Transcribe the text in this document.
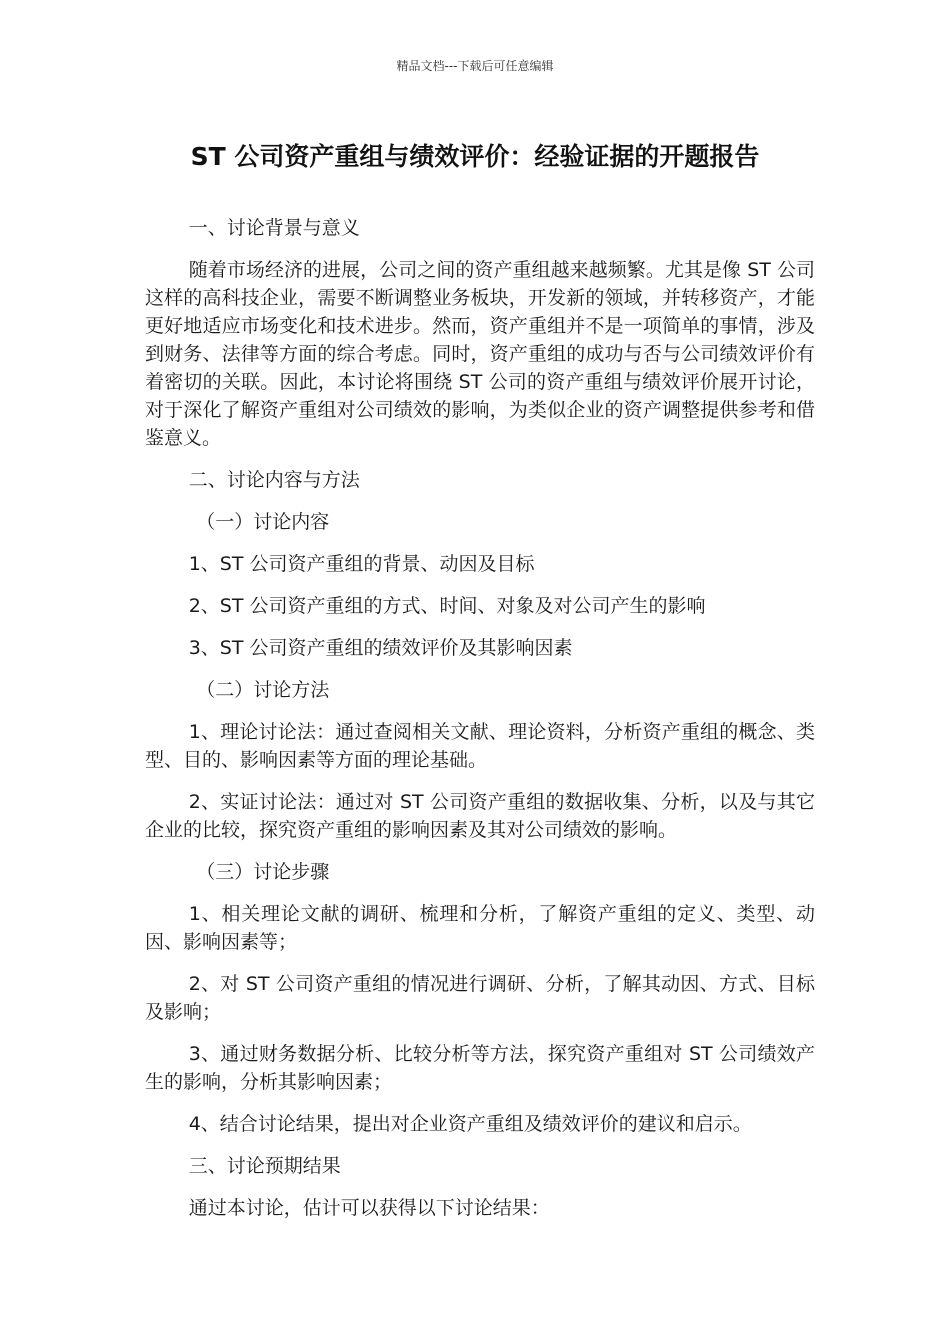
精品文档---下载后可任意编辑
ST 公司资产重组与绩效评价：经验证据的开题报告

一、讨论背景与意义

随着市场经济的进展，公司之间的资产重组越来越频繁。尤其是像 ST 公司这样的高科技企业，需要不断调整业务板块，开发新的领域，并转移资产，才能更好地适应市场变化和技术进步。然而，资产重组并不是一项简单的事情，涉及到财务、法律等方面的综合考虑。同时，资产重组的成功与否与公司绩效评价有着密切的关联。因此，本讨论将围绕 ST 公司的资产重组与绩效评价展开讨论，对于深化了解资产重组对公司绩效的影响，为类似企业的资产调整提供参考和借鉴意义。

二、讨论内容与方法

（一）讨论内容

1、ST 公司资产重组的背景、动因及目标

2、ST 公司资产重组的方式、时间、对象及对公司产生的影响

3、ST 公司资产重组的绩效评价及其影响因素

（二）讨论方法

1、理论讨论法：通过查阅相关文献、理论资料，分析资产重组的概念、类型、目的、影响因素等方面的理论基础。

2、实证讨论法：通过对 ST 公司资产重组的数据收集、分析，以及与其它企业的比较，探究资产重组的影响因素及其对公司绩效的影响。

（三）讨论步骤

1、相关理论文献的调研、梳理和分析，了解资产重组的定义、类型、动因、影响因素等；

2、对 ST 公司资产重组的情况进行调研、分析，了解其动因、方式、目标及影响；

3、通过财务数据分析、比较分析等方法，探究资产重组对 ST 公司绩效产生的影响，分析其影响因素；

4、结合讨论结果，提出对企业资产重组及绩效评价的建议和启示。

三、讨论预期结果

通过本讨论，估计可以获得以下讨论结果：
